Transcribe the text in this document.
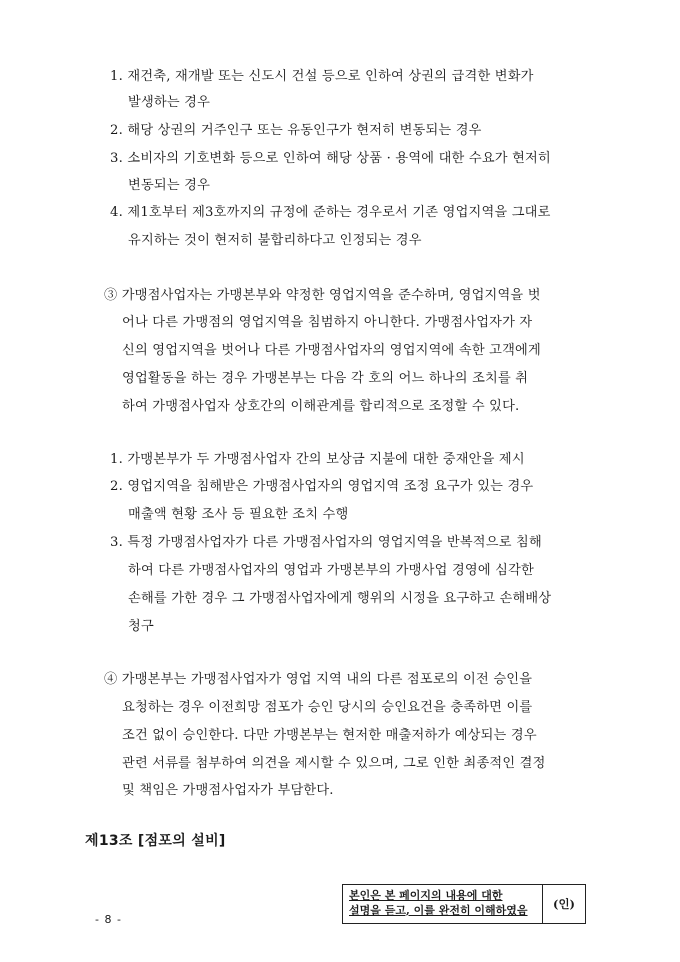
1. 재건축, 재개발 또는 신도시 건설 등으로 인하여 상권의 급격한 변화가
발생하는 경우
2. 해당 상권의 거주인구 또는 유동인구가 현저히 변동되는 경우
3. 소비자의 기호변화 등으로 인하여 해당 상품 · 용역에 대한 수요가 현저히
변동되는 경우
4. 제1호부터 제3호까지의 규정에 준하는 경우로서 기존 영업지역을 그대로
유지하는 것이 현저히 불합리하다고 인정되는 경우
③ 가맹점사업자는 가맹본부와 약정한 영업지역을 준수하며, 영업지역을 벗
어나 다른 가맹점의 영업지역을 침범하지 아니한다. 가맹점사업자가 자
신의 영업지역을 벗어나 다른 가맹점사업자의 영업지역에 속한 고객에게
영업활동을 하는 경우 가맹본부는 다음 각 호의 어느 하나의 조치를 취
하여 가맹점사업자 상호간의 이해관계를 합리적으로 조정할 수 있다.
1. 가맹본부가 두 가맹점사업자 간의 보상금 지불에 대한 중재안을 제시
2. 영업지역을 침해받은 가맹점사업자의 영업지역 조정 요구가 있는 경우
매출액 현황 조사 등 필요한 조치 수행
3. 특정 가맹점사업자가 다른 가맹점사업자의 영업지역을 반복적으로 침해
하여 다른 가맹점사업자의 영업과 가맹본부의 가맹사업 경영에 심각한
손해를 가한 경우 그 가맹점사업자에게 행위의 시정을 요구하고 손해배상
청구
④ 가맹본부는 가맹점사업자가 영업 지역 내의 다른 점포로의 이전 승인을
요청하는 경우 이전희망 점포가 승인 당시의 승인요건을 충족하면 이를
조건 없이 승인한다. 다만 가맹본부는 현저한 매출저하가 예상되는 경우
관련 서류를 첨부하여 의견을 제시할 수 있으며, 그로 인한 최종적인 결정
및 책임은 가맹점사업자가 부담한다.
제13조 [점포의 설비]
본인은 본 페이지의 내용에 대한
설명을 듣고, 이를 완전히 이해하였음	(인)
- 8 -
